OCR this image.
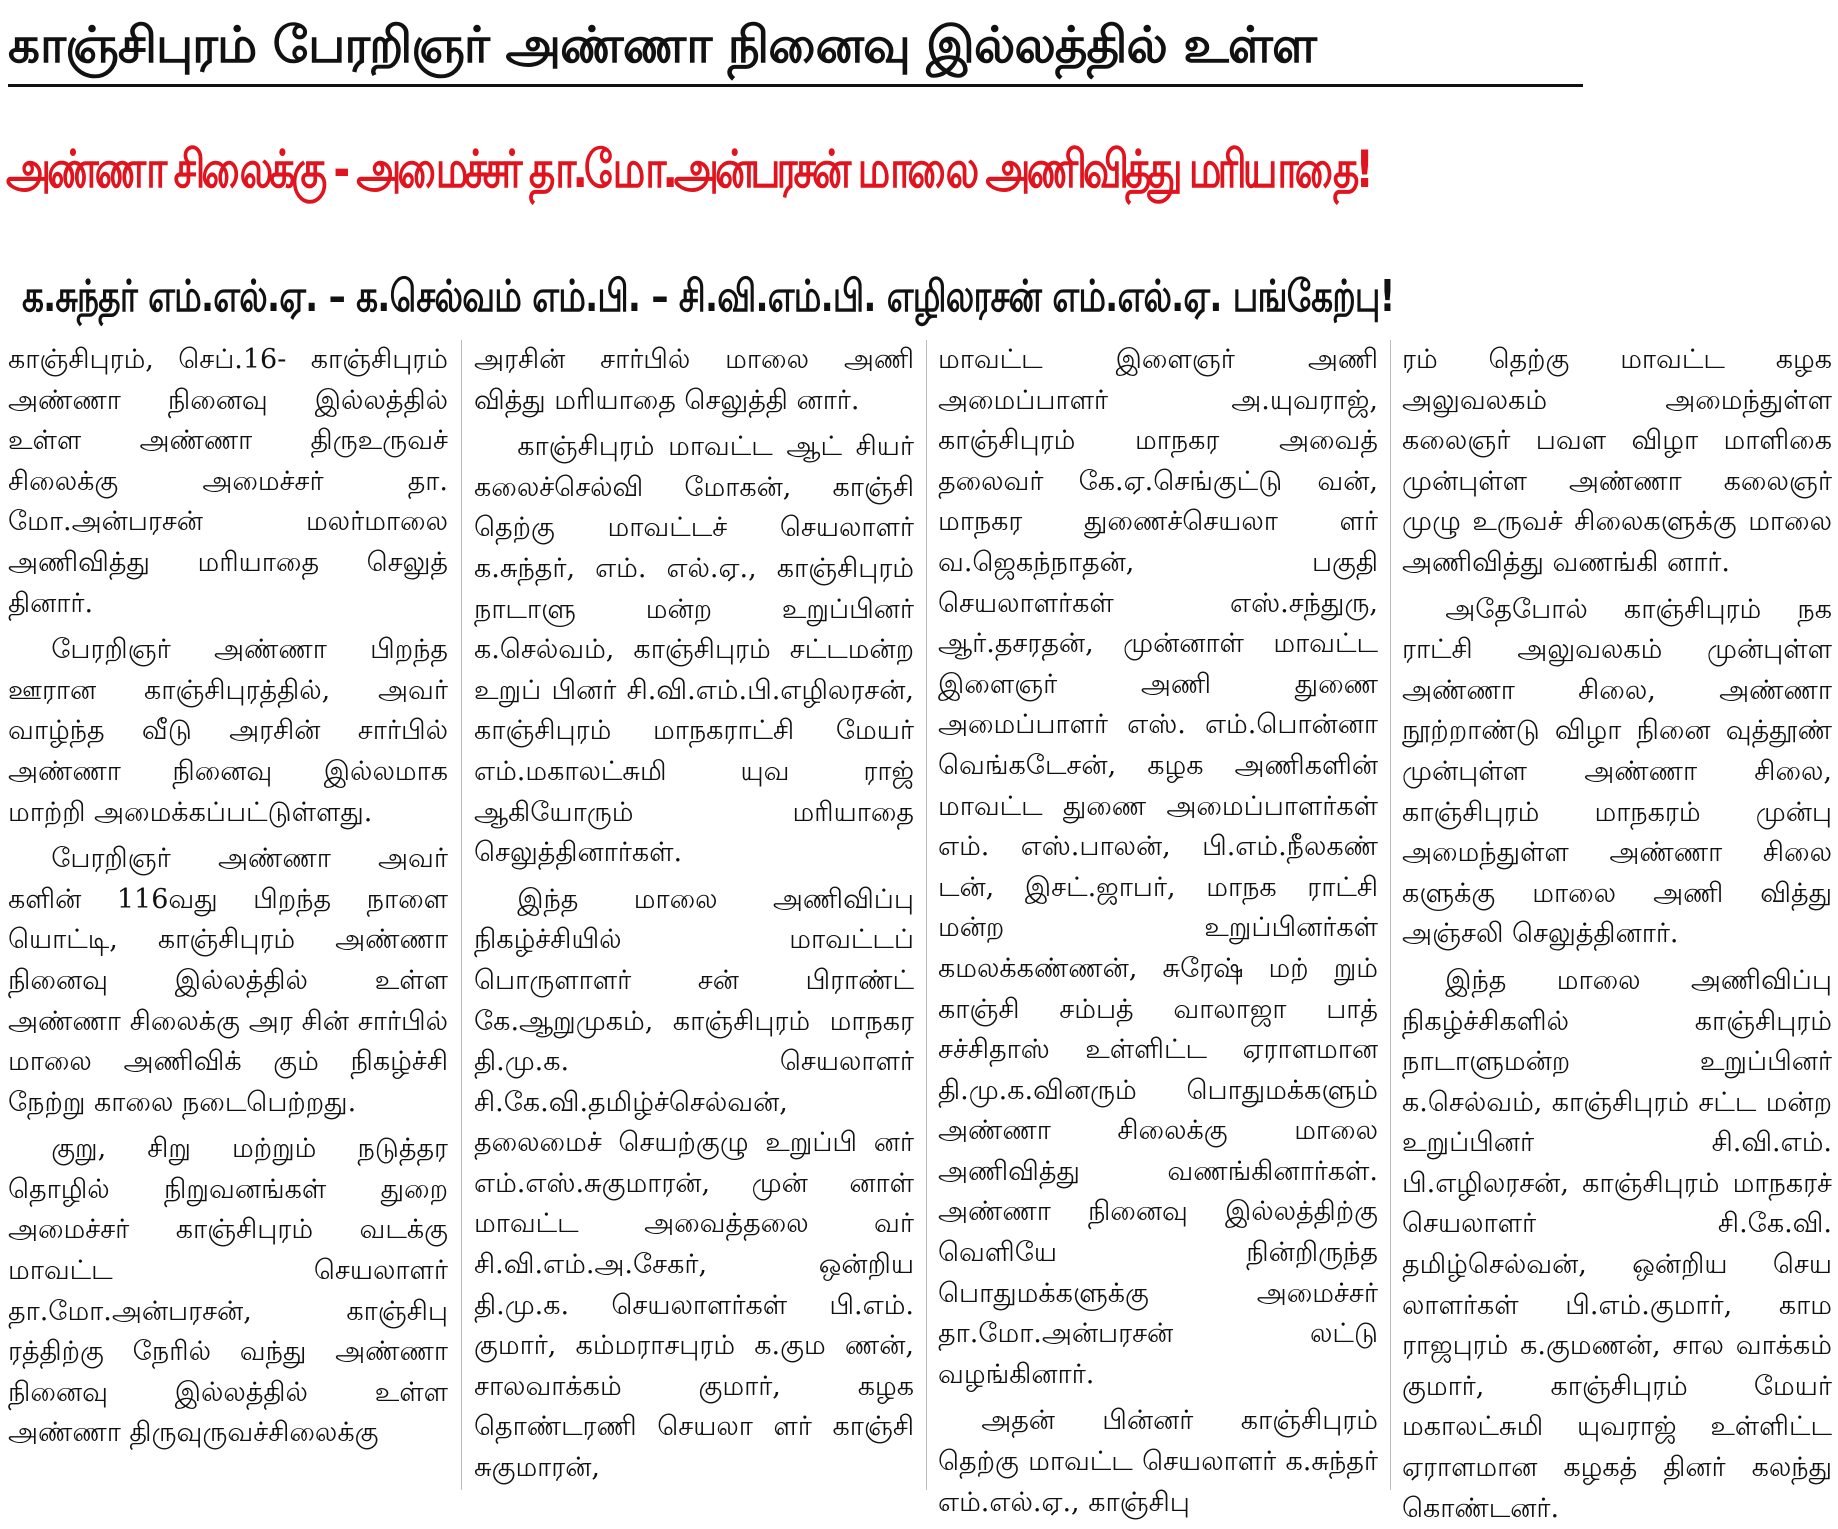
காஞ்சிபுரம் பேரறிஞர் அண்ணா நினைவு இல்லத்தில் உள்ள
அண்ணா சிலைக்கு - அமைச்சர் தா.மோ.அன்பரசன் மாலை அணிவித்து மரியாதை!
க.சுந்தர் எம்.எல்.ஏ. – க.செல்வம் எம்.பி. – சி.வி.எம்.பி. எழிலரசன் எம்.எல்.ஏ. பங்கேற்பு!

காஞ்சிபுரம், செப்.16- காஞ்சிபுரம் அண்ணா நினைவு இல்லத்தில் உள்ள அண்ணா திருஉருவச் சிலைக்கு அமைச்சர் தா. மோ.அன்பரசன் மலர்மாலை அணிவித்து மரியாதை செலுத் தினார்.

பேரறிஞர் அண்ணா பிறந்த ஊரான காஞ்சிபுரத்தில், அவர் வாழ்ந்த வீடு அரசின் சார்பில் அண்ணா நினைவு இல்லமாக மாற்றி அமைக்கப்பட்டுள்ளது.

பேரறிஞர் அண்ணா அவர் களின் 116வது பிறந்த நாளை யொட்டி, காஞ்சிபுரம் அண்ணா நினைவு இல்லத்தில் உள்ள அண்ணா சிலைக்கு அர சின் சார்பில் மாலை அணிவிக் கும் நிகழ்ச்சி நேற்று காலை நடைபெற்றது.

குறு, சிறு மற்றும் நடுத்தர தொழில் நிறுவனங்கள் துறை அமைச்சர் காஞ்சிபுரம் வடக்கு மாவட்ட செயலாளர் தா.மோ.அன்பரசன், காஞ்சிபு ரத்திற்கு நேரில் வந்து அண்ணா நினைவு இல்லத்தில் உள்ள அண்ணா திருவுருவச்சிலைக்கு

அரசின் சார்பில் மாலை அணி வித்து மரியாதை செலுத்தி னார்.

காஞ்சிபுரம் மாவட்ட ஆட் சியர் கலைச்செல்வி மோகன், காஞ்சி தெற்கு மாவட்டச் செயலாளர் க.சுந்தர், எம். எல்.ஏ., காஞ்சிபுரம் நாடாளு மன்ற உறுப்பினர் க.செல்வம், காஞ்சிபுரம் சட்டமன்ற உறுப் பினர் சி.வி.எம்.பி.எழிலரசன், காஞ்சிபுரம் மாநகராட்சி மேயர் எம்.மகாலட்சுமி யுவ ராஜ் ஆகியோரும் மரியாதை செலுத்தினார்கள்.

இந்த மாலை அணிவிப்பு நிகழ்ச்சியில் மாவட்டப் பொருளாளர் சன் பிராண்ட் கே.ஆறுமுகம், காஞ்சிபுரம் மாநகர தி.மு.க. செயலாளர் சி.கே.வி.தமிழ்ச்செல்வன், தலைமைச் செயற்குழு உறுப்பி னர் எம்.எஸ்.சுகுமாரன், முன் னாள் மாவட்ட அவைத்தலை வர் சி.வி.எம்.அ.சேகர், ஒன்றிய தி.மு.க. செயலாளர்கள் பி.எம். குமார், கம்மராசபுரம் க.கும ணன், சாலவாக்கம் குமார், கழக தொண்டரணி செயலா ளர் காஞ்சி சுகுமாரன்,

மாவட்ட இளைஞர் அணி அமைப்பாளர் அ.யுவராஜ், காஞ்சிபுரம் மாநகர அவைத் தலைவர் கே.ஏ.செங்குட்டு வன், மாநகர துணைச்செயலா ளர் வ.ஜெகந்நாதன், பகுதி செயலாளர்கள் எஸ்.சந்துரு, ஆர்.தசரதன், முன்னாள் மாவட்ட இளைஞர் அணி துணை அமைப்பாளர் எஸ். எம்.பொன்னா வெங்கடேசன், கழக அணிகளின் மாவட்ட துணை அமைப்பாளர்கள் எம். எஸ்.பாலன், பி.எம்.நீலகண் டன், இசட்.ஜாபர், மாநக ராட்சி மன்ற உறுப்பினர்கள் கமலக்கண்ணன், சுரேஷ் மற் றும் காஞ்சி சம்பத் வாலாஜா பாத் சச்சிதாஸ் உள்ளிட்ட ஏராளமான தி.மு.க.வினரும் பொதுமக்களும் அண்ணா சிலைக்கு மாலை அணிவித்து வணங்கினார்கள். அண்ணா நினைவு இல்லத்திற்கு வெளியே நின்றிருந்த பொதுமக்களுக்கு அமைச்சர் தா.மோ.அன்பரசன் லட்டு வழங்கினார்.

அதன் பின்னர் காஞ்சிபுரம் தெற்கு மாவட்ட செயலாளர் க.சுந்தர் எம்.எல்.ஏ., காஞ்சிபு

ரம் தெற்கு மாவட்ட கழக அலுவலகம் அமைந்துள்ள கலைஞர் பவள விழா மாளிகை முன்புள்ள அண்ணா கலைஞர் முழு உருவச் சிலைகளுக்கு மாலை அணிவித்து வணங்கி னார்.

அதேபோல் காஞ்சிபுரம் நக ராட்சி அலுவலகம் முன்புள்ள அண்ணா சிலை, அண்ணா நூற்றாண்டு விழா நினை வுத்தூண் முன்புள்ள அண்ணா சிலை, காஞ்சிபுரம் மாநகரம் முன்பு அமைந்துள்ள அண்ணா சிலை களுக்கு மாலை அணி வித்து அஞ்சலி செலுத்தினார்.

இந்த மாலை அணிவிப்பு நிகழ்ச்சிகளில் காஞ்சிபுரம் நாடாளுமன்ற உறுப்பினர் க.செல்வம், காஞ்சிபுரம் சட்ட மன்ற உறுப்பினர் சி.வி.எம். பி.எழிலரசன், காஞ்சிபுரம் மாநகரச் செயலாளர் சி.கே.வி. தமிழ்செல்வன், ஒன்றிய செய லாளர்கள் பி.எம்.குமார், காம ராஜபுரம் க.குமணன், சால வாக்கம் குமார், காஞ்சிபுரம் மேயர் மகாலட்சுமி யுவராஜ் உள்ளிட்ட ஏராளமான கழகத் தினர் கலந்து கொண்டனர்.
